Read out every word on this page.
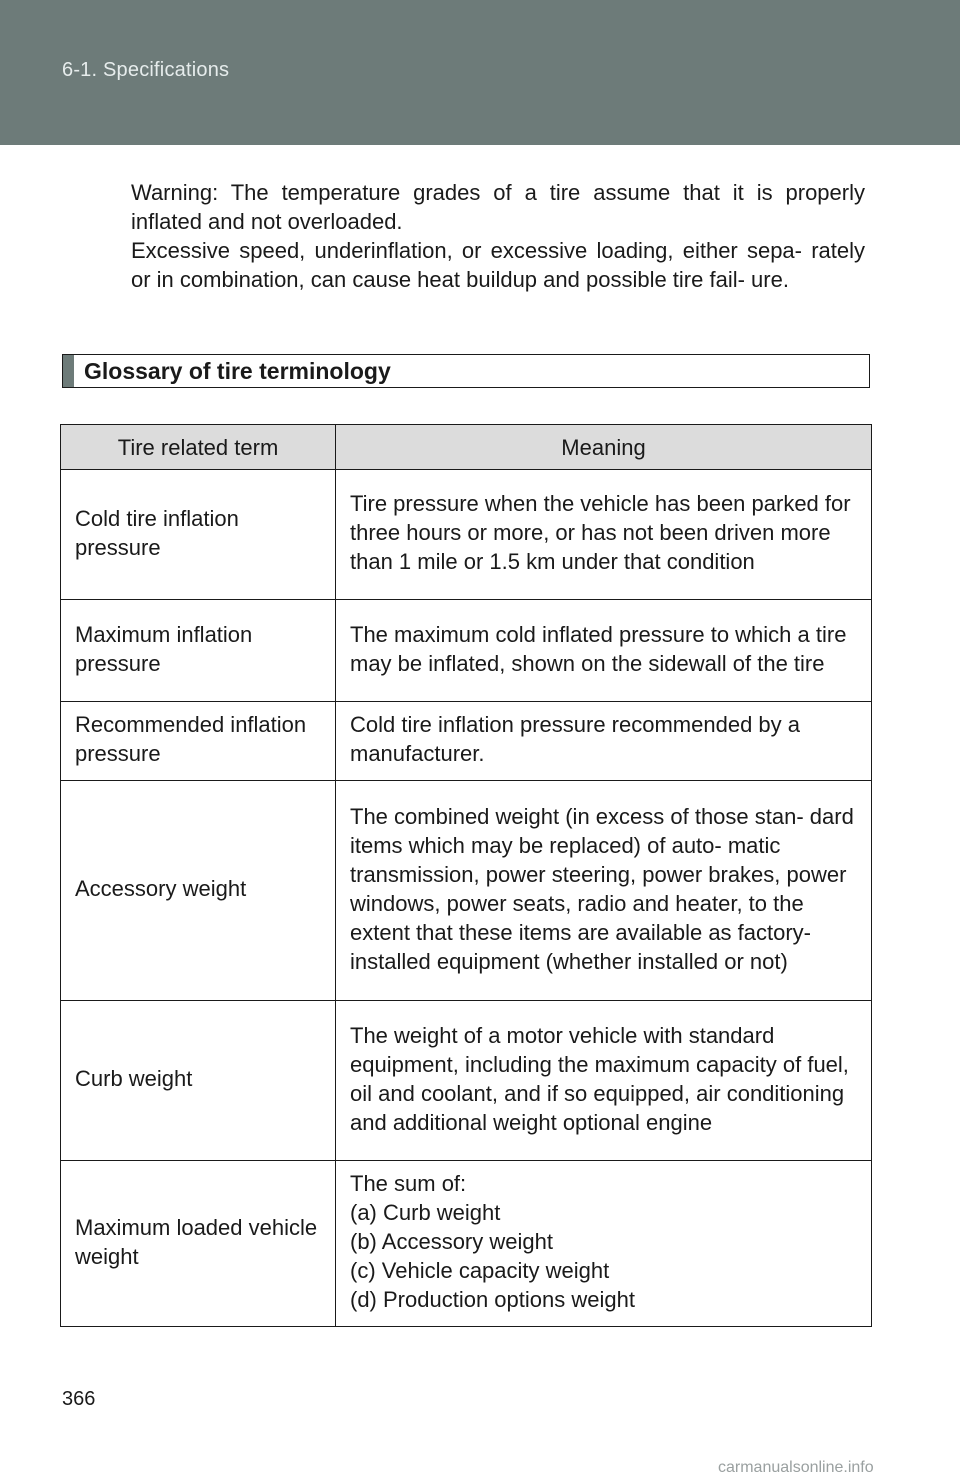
6-1. Specifications

Warning: The temperature grades of a tire assume that it is properly inflated and not overloaded.

Excessive speed, underinflation, or excessive loading, either sepa- rately or in combination, can cause heat buildup and possible tire fail- ure.

Glossary of tire terminology
Tire related term	Meaning
Cold tire inflation pressure	Tire pressure when the vehicle has been parked for three hours or more, or has not been driven more than 1 mile or 1.5 km under that condition
Maximum inflation pressure	The maximum cold inflated pressure to which a tire may be inflated, shown on the sidewall of the tire
Recommended inflation pressure	Cold tire inflation pressure recommended by a manufacturer.
Accessory weight	The combined weight (in excess of those stan- dard items which may be replaced) of auto- matic transmission, power steering, power brakes, power windows, power seats, radio and heater, to the extent that these items are available as factory-installed equipment (whether installed or not)
Curb weight	The weight of a motor vehicle with standard equipment, including the maximum capacity of fuel, oil and coolant, and if so equipped, air conditioning and additional weight optional engine
Maximum loaded vehicle weight	The sum of:
(a) Curb weight
(b) Accessory weight
(c) Vehicle capacity weight
(d) Production options weight
366
carmanualsonline.info
